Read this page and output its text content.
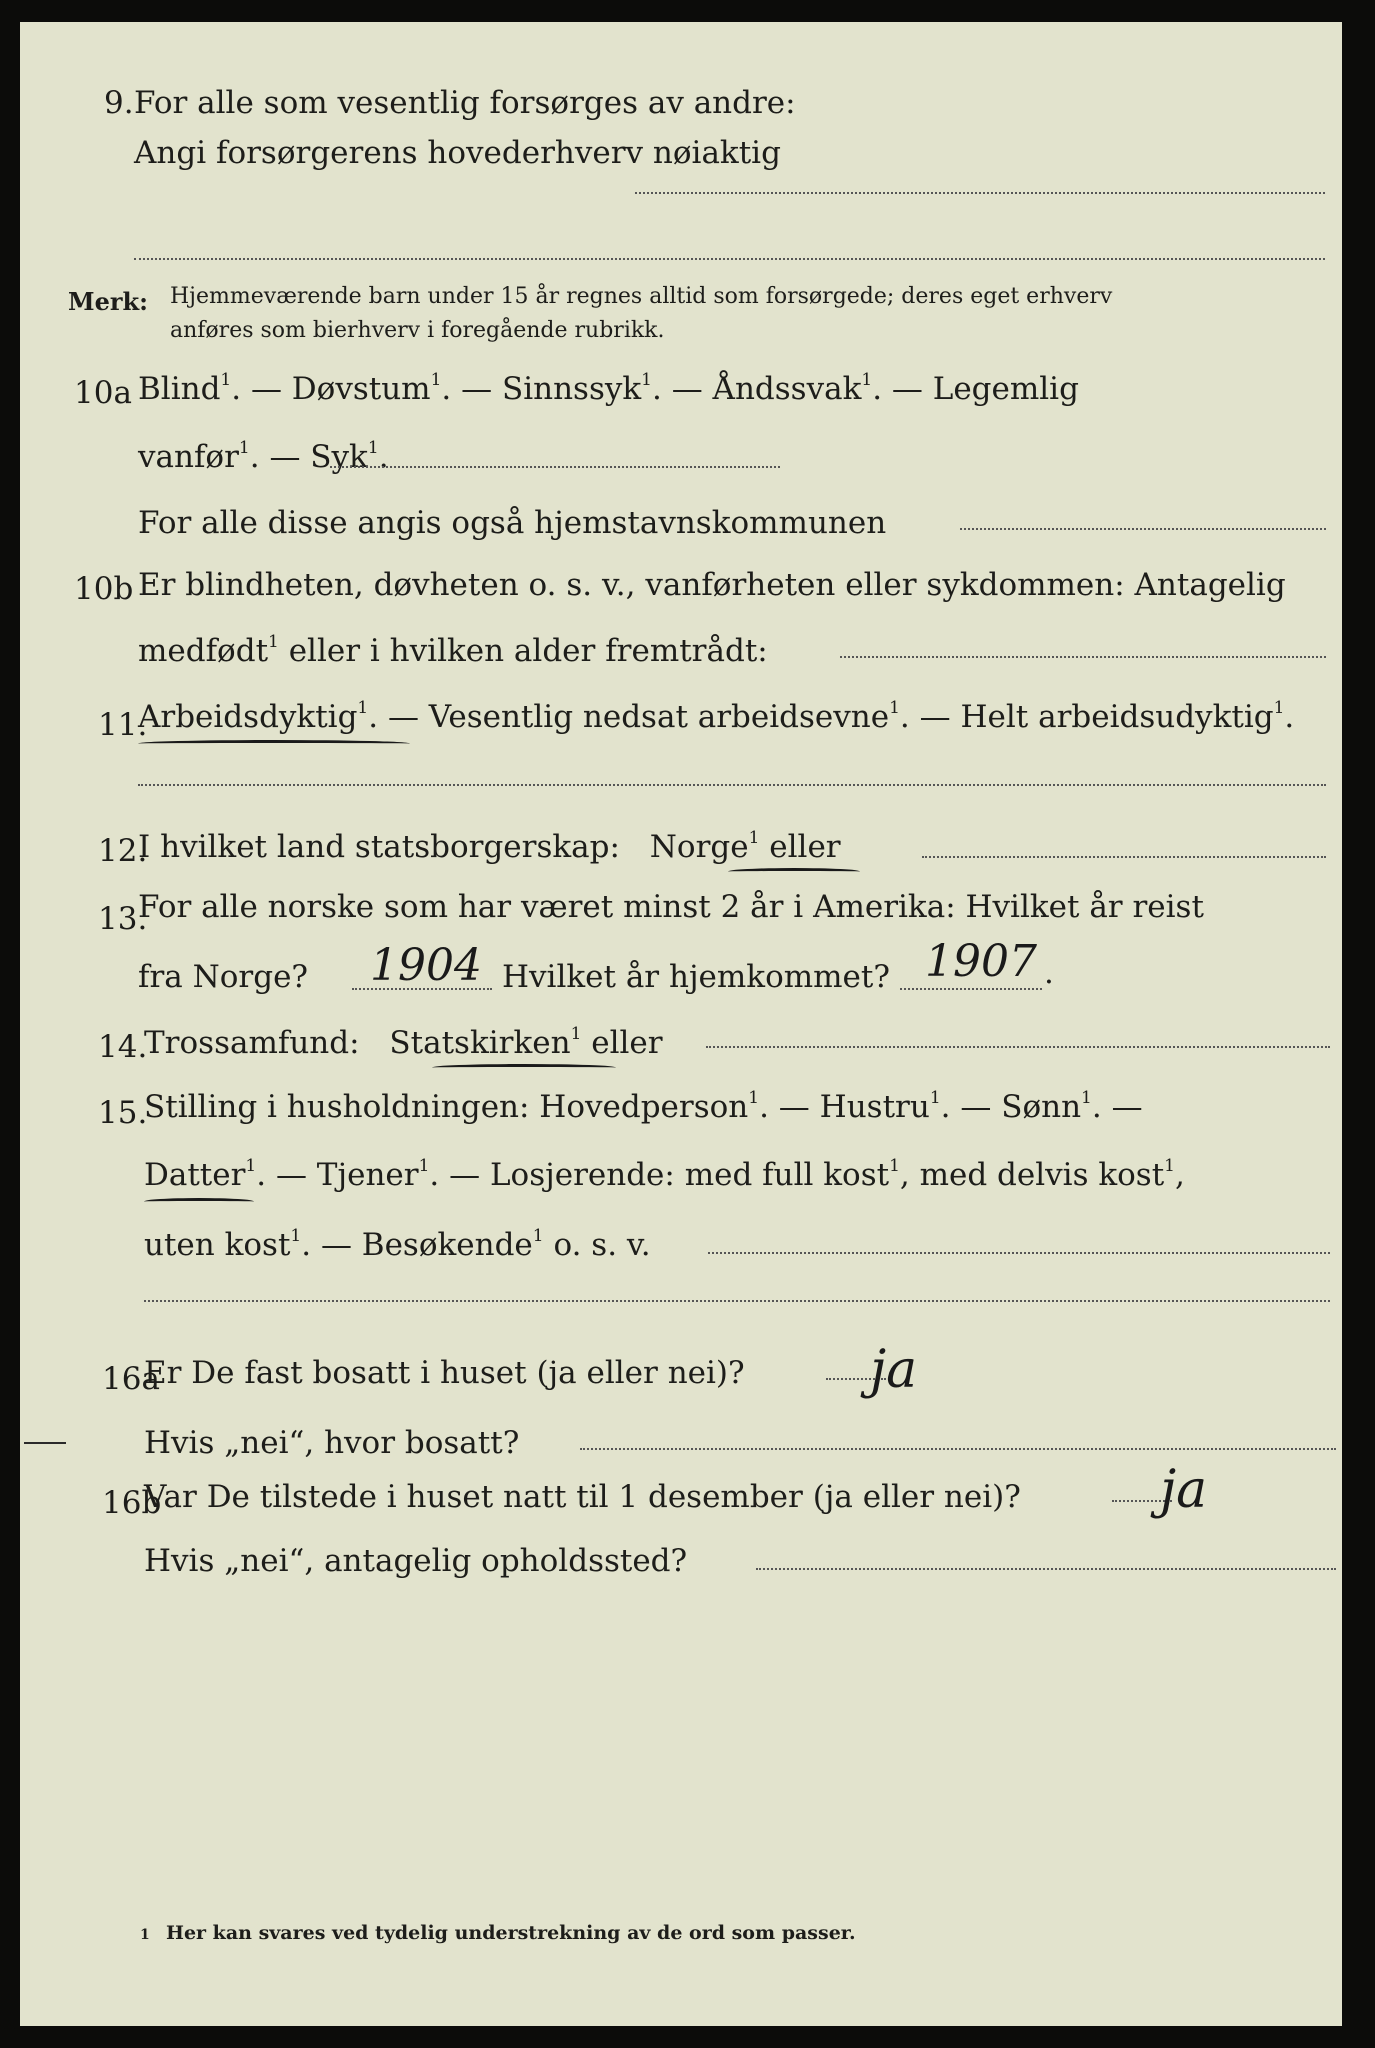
9. For alle som vesentlig forsørges av andre:
Angi forsørgerens hovederhverv nøiaktig
Merk: Hjemmeværende barn under 15 år regnes alltid som forsørgede; deres eget erhverv
anføres som bierhverv i foregående rubrikk.
10a Blind$^1$. — Døvstum$^1$. — Sinnssyk$^1$. — Åndssvak$^1$. — Legemlig
vanfør$^1$. — Syk$^1$.
For alle disse angis også hjemstavnskommunen
10b Er blindheten, døvheten o. s. v., vanførheten eller sykdommen: Antagelig
medfødt$^1$ eller i hvilken alder fremtrådt:
11.
Arbeidsdyktig$^1$. — Vesentlig nedsat arbeidsevne$^1$. — Helt arbeidsudyktig$^1$.
12.
I hvilket land statsborgerskap: Norge$^1$ eller
13.
For alle norske som har været minst 2 år i Amerika: Hvilket år reist
fra Norge? 1904 Hvilket år hjemkommet? 1907 .
14.
Trossamfund: Statskirken$^1$ eller
15.
Stilling i husholdningen: Hovedperson$^1$. — Hustru$^1$. — Sønn$^1$. —
Datter$^1$. — Tjener$^1$. — Losjerende: med full kost$^1$, med delvis kost$^1$,
uten kost$^1$. — Besøkende$^1$ o. s. v.
16a
Er De fast bosatt i huset (ja eller nei)? ja
Hvis „nei“, hvor bosatt?
16b
Var De tilstede i huset natt til 1 desember (ja eller nei)?	ja
Hvis „nei“, antagelig opholdssted?
1 Her kan svares ved tydelig understrekning av de ord som passer.
